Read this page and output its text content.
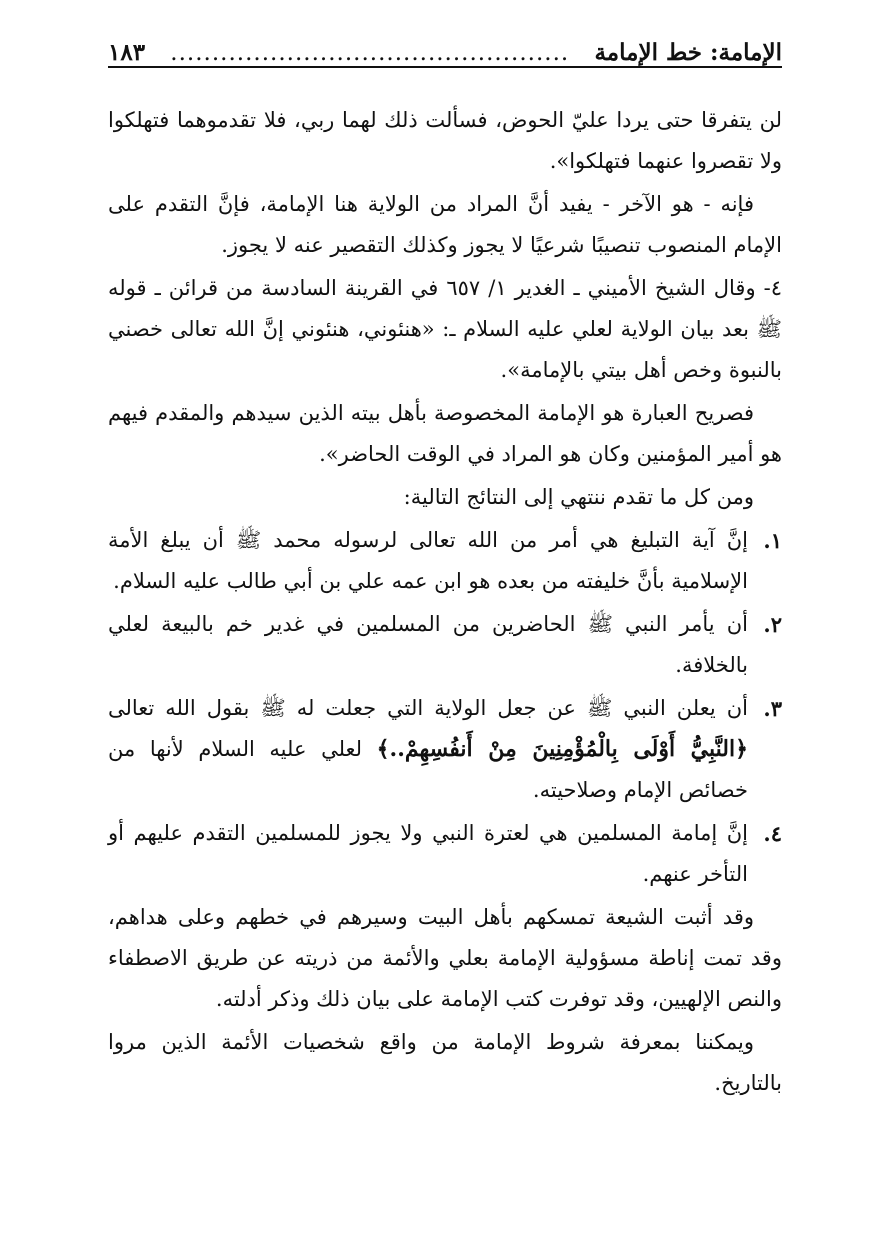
الإمامة: خط الإمامة
................................................
١٨٣

لن يتفرقا حتى يردا عليّ الحوض، فسألت ذلك لهما ربي، فلا تقدموهما فتهلكوا ولا تقصروا عنهما فتهلكوا».

فإنه - هو الآخر - يفيد أنَّ المراد من الولاية هنا الإمامة، فإنَّ التقدم على الإمام المنصوب تنصيبًا شرعيًا لا يجوز وكذلك التقصير عنه لا يجوز.

٤- وقال الشيخ الأميني ـ الغدير ١/ ٦٥٧ في القرينة السادسة من قرائن ـ قوله ﷺ بعد بيان الولاية لعلي عليه السلام ـ: «هنئوني، هنئوني إنَّ الله تعالى خصني بالنبوة وخص أهل بيتي بالإمامة».

فصريح العبارة هو الإمامة المخصوصة بأهل بيته الذين سيدهم والمقدم فيهم هو أمير المؤمنين وكان هو المراد في الوقت الحاضر».

ومن كل ما تقدم ننتهي إلى النتائج التالية:

١.
إنَّ آية التبليغ هي أمر من الله تعالى لرسوله محمد ﷺ أن يبلغ الأمة الإسلامية بأنَّ خليفته من بعده هو ابن عمه علي بن أبي طالب عليه السلام.
٢.
أن يأمر النبي ﷺ الحاضرين من المسلمين في غدير خم بالبيعة لعلي بالخلافة.
٣.
أن يعلن النبي ﷺ عن جعل الولاية التي جعلت له ﷺ بقول الله تعالى ﴿النَّبِيُّ أَوْلَى بِالْمُؤْمِنِينَ مِنْ أَنفُسِهِمْ..﴾ لعلي عليه السلام لأنها من خصائص الإمام وصلاحيته.
٤.
إنَّ إمامة المسلمين هي لعترة النبي ولا يجوز للمسلمين التقدم عليهم أو التأخر عنهم.

وقد أثبت الشيعة تمسكهم بأهل البيت وسيرهم في خطهم وعلى هداهم، وقد تمت إناطة مسؤولية الإمامة بعلي والأئمة من ذريته عن طريق الاصطفاء والنص الإلهيين، وقد توفرت كتب الإمامة على بيان ذلك وذكر أدلته.

ويمكننا بمعرفة شروط الإمامة من واقع شخصيات الأئمة الذين مروا بالتاريخ.
